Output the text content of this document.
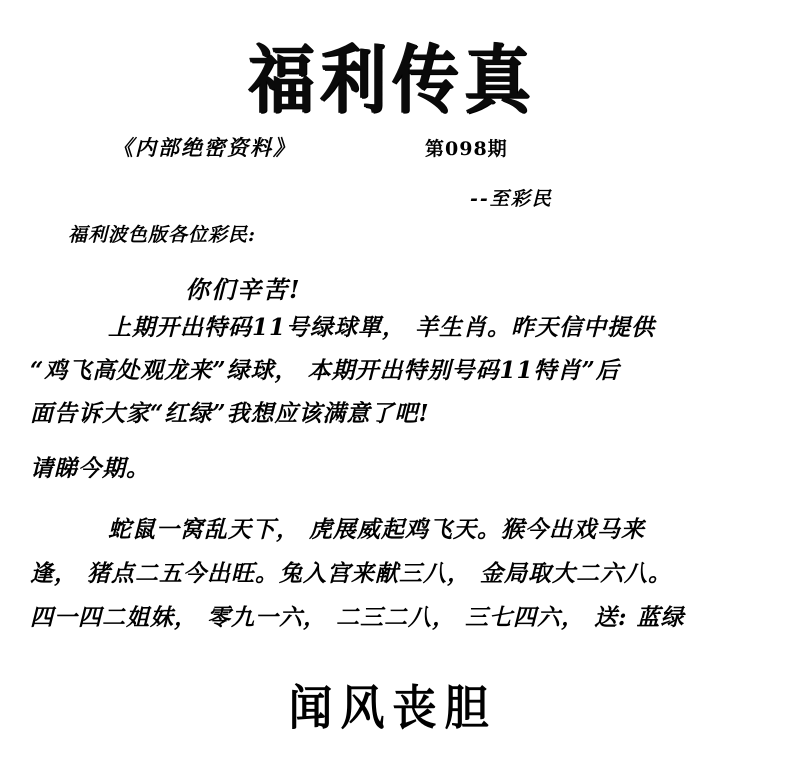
福利传真
《内部绝密资料》	第098期
--至彩民
福利波色版各位彩民:
你们辛苦!
上期开出特码11号绿球單， 羊生肖。昨天信中提供
“鸡飞高处观龙来”绿球， 本期开出特别号码11特肖”后
面告诉大家“红绿”我想应该满意了吧!
请睇今期。
蛇鼠一窝乱天下， 虎展威起鸡飞天。猴今出戏马来
逢， 猪点二五今出旺。兔入宫来献三八， 金局取大二六八。
四一四二姐妹， 零九一六， 二三二八， 三七四六， 送: 蓝绿
闻风丧胆
